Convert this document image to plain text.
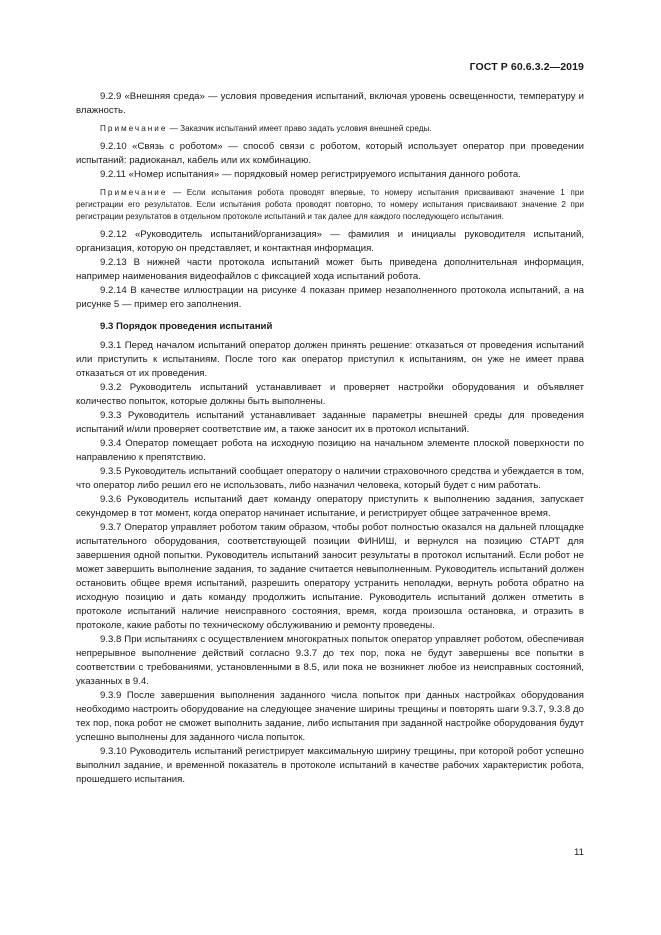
ГОСТ Р 60.6.3.2—2019

9.2.9 «Внешняя среда» — условия проведения испытаний, включая уровень освещенности, температуру и влажность.

Примечание — Заказчик испытаний имеет право задать условия внешней среды.

9.2.10 «Связь с роботом» — способ связи с роботом, который использует оператор при проведении испытаний: радиоканал, кабель или их комбинацию.

9.2.11 «Номер испытания» — порядковый номер регистрируемого испытания данного робота.

Примечание — Если испытания робота проводят впервые, то номеру испытания присваивают значение 1 при регистрации его результатов. Если испытания робота проводят повторно, то номеру испытания присваивают значение 2 при регистрации результатов в отдельном протоколе испытаний и так далее для каждого последующего испытания.

9.2.12 «Руководитель испытаний/организация» — фамилия и инициалы руководителя испытаний, организация, которую он представляет, и контактная информация.

9.2.13 В нижней части протокола испытаний может быть приведена дополнительная информация, например наименования видеофайлов с фиксацией хода испытаний робота.

9.2.14 В качестве иллюстрации на рисунке 4 показан пример незаполненного протокола испытаний, а на рисунке 5 — пример его заполнения.

9.3 Порядок проведения испытаний

9.3.1 Перед началом испытаний оператор должен принять решение: отказаться от проведения испытаний или приступить к испытаниям. После того как оператор приступил к испытаниям, он уже не имеет права отказаться от их проведения.

9.3.2 Руководитель испытаний устанавливает и проверяет настройки оборудования и объявляет количество попыток, которые должны быть выполнены.

9.3.3 Руководитель испытаний устанавливает заданные параметры внешней среды для проведения испытаний и/или проверяет соответствие им, а также заносит их в протокол испытаний.

9.3.4 Оператор помещает робота на исходную позицию на начальном элементе плоской поверхности по направлению к препятствию.

9.3.5 Руководитель испытаний сообщает оператору о наличии страховочного средства и убеждается в том, что оператор либо решил его не использовать, либо назначил человека, который будет с ним работать.

9.3.6 Руководитель испытаний дает команду оператору приступить к выполнению задания, запускает секундомер в тот момент, когда оператор начинает испытание, и регистрирует общее затраченное время.

9.3.7 Оператор управляет роботом таким образом, чтобы робот полностью оказался на дальней площадке испытательного оборудования, соответствующей позиции ФИНИШ, и вернулся на позицию СТАРТ для завершения одной попытки. Руководитель испытаний заносит результаты в протокол испытаний. Если робот не может завершить выполнение задания, то задание считается невыполненным. Руководитель испытаний должен остановить общее время испытаний, разрешить оператору устранить неполадки, вернуть робота обратно на исходную позицию и дать команду продолжить испытание. Руководитель испытаний должен отметить в протоколе испытаний наличие неисправного состояния, время, когда произошла остановка, и отразить в протоколе, какие работы по техническому обслуживанию и ремонту проведены.

9.3.8 При испытаниях с осуществлением многократных попыток оператор управляет роботом, обеспечивая непрерывное выполнение действий согласно 9.3.7 до тех пор, пока не будут завершены все попытки в соответствии с требованиями, установленными в 8.5, или пока не возникнет любое из неисправных состояний, указанных в 9.4.

9.3.9 После завершения выполнения заданного числа попыток при данных настройках оборудования необходимо настроить оборудование на следующее значение ширины трещины и повторять шаги 9.3.7, 9.3.8 до тех пор, пока робот не сможет выполнить задание, либо испытания при заданной настройке оборудования будут успешно выполнены для заданного числа попыток.

9.3.10 Руководитель испытаний регистрирует максимальную ширину трещины, при которой робот успешно выполнил задание, и временной показатель в протоколе испытаний в качестве рабочих характеристик робота, прошедшего испытания.

11
